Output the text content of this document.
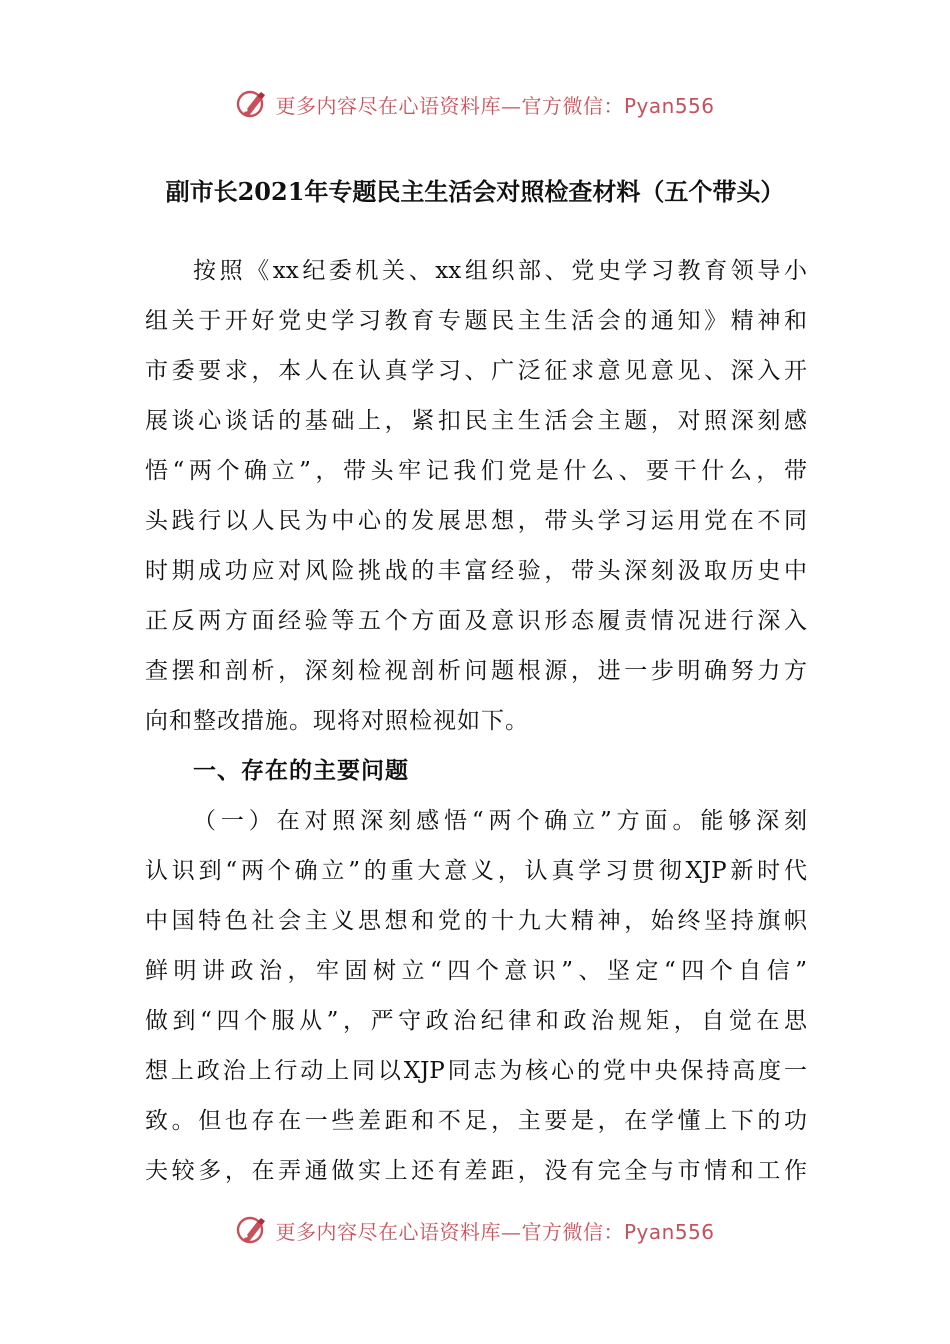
更多内容尽在心语资料库—官方微信：Pyan556
副市长2021年专题民主生活会对照检查材料（五个带头）
按照《xx纪委机关、xx组织部、党史学习教育领导小
组关于开好党史学习教育专题民主生活会的通知》精神和
市委要求，本人在认真学习、广泛征求意见意见、深入开
展谈心谈话的基础上，紧扣民主生活会主题，对照深刻感
悟“两个确立”，带头牢记我们党是什么、要干什么，带
头践行以人民为中心的发展思想，带头学习运用党在不同
时期成功应对风险挑战的丰富经验，带头深刻汲取历史中
正反两方面经验等五个方面及意识形态履责情况进行深入
查摆和剖析，深刻检视剖析问题根源，进一步明确努力方
向和整改措施。现将对照检视如下。
一、存在的主要问题
（一）在对照深刻感悟“两个确立”方面。能够深刻
认识到“两个确立”的重大意义，认真学习贯彻XJP新时代
中国特色社会主义思想和党的十九大精神，始终坚持旗帜
鲜明讲政治，牢固树立“四个意识”、坚定“四个自信”
做到“四个服从”，严守政治纪律和政治规矩，自觉在思
想上政治上行动上同以XJP同志为核心的党中央保持高度一
致。但也存在一些差距和不足，主要是，在学懂上下的功
夫较多，在弄通做实上还有差距，没有完全与市情和工作
更多内容尽在心语资料库—官方微信：Pyan556
